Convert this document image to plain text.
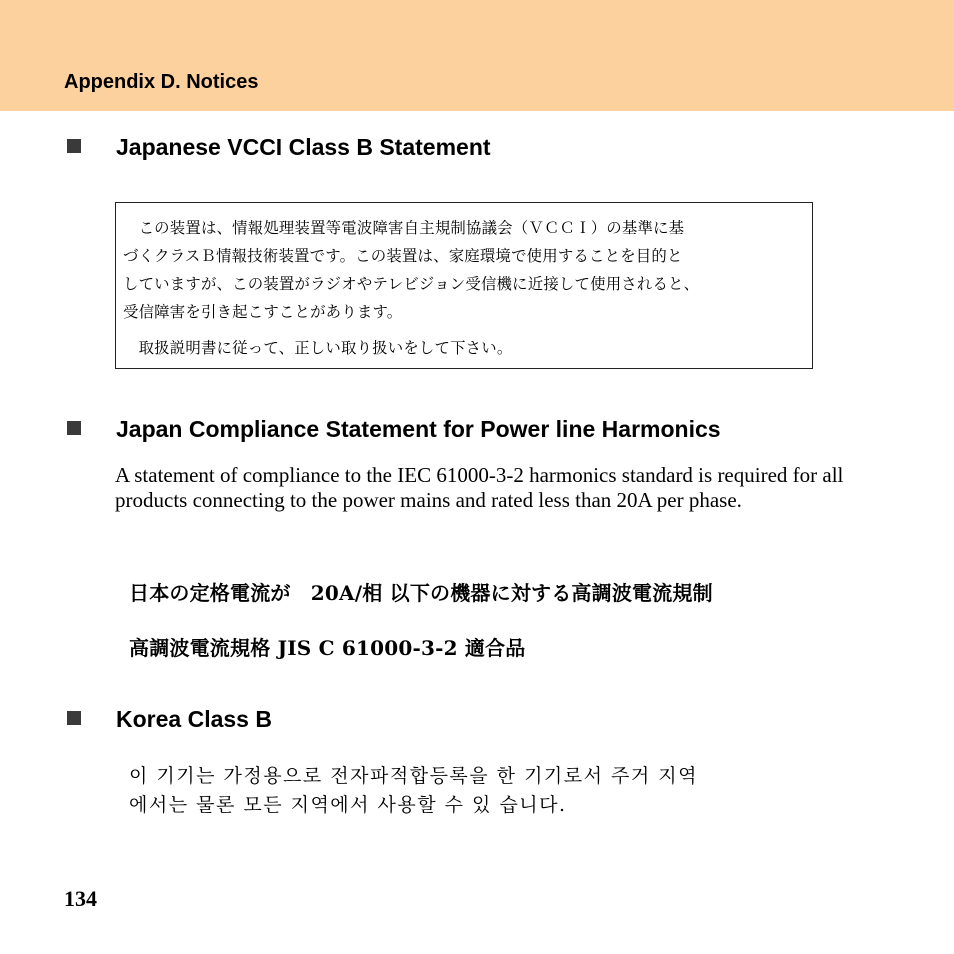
Appendix D. Notices
Japanese VCCI Class B Statement
　この装置は、情報処理装置等電波障害自主規制協議会（ＶＣＣＩ）の基準に基
づくクラスＢ情報技術装置です。この装置は、家庭環境で使用することを目的と
していますが、この装置がラジオやテレビジョン受信機に近接して使用されると、
受信障害を引き起こすことがあります。
　取扱説明書に従って、正しい取り扱いをして下さい。
Japan Compliance Statement for Power line Harmonics
A statement of compliance to the IEC 61000-3-2 harmonics standard is required for all products connecting to the power mains and rated less than 20A per phase.
日本の定格電流が　20A/相 以下の機器に対する高調波電流規制
高調波電流規格 JIS C 61000-3-2 適合品
Korea Class B
이 기기는 가정용으로 전자파적합등록을 한 기기로서 주거 지역
에서는 물론 모든 지역에서 사용할 수 있 습니다.
134
